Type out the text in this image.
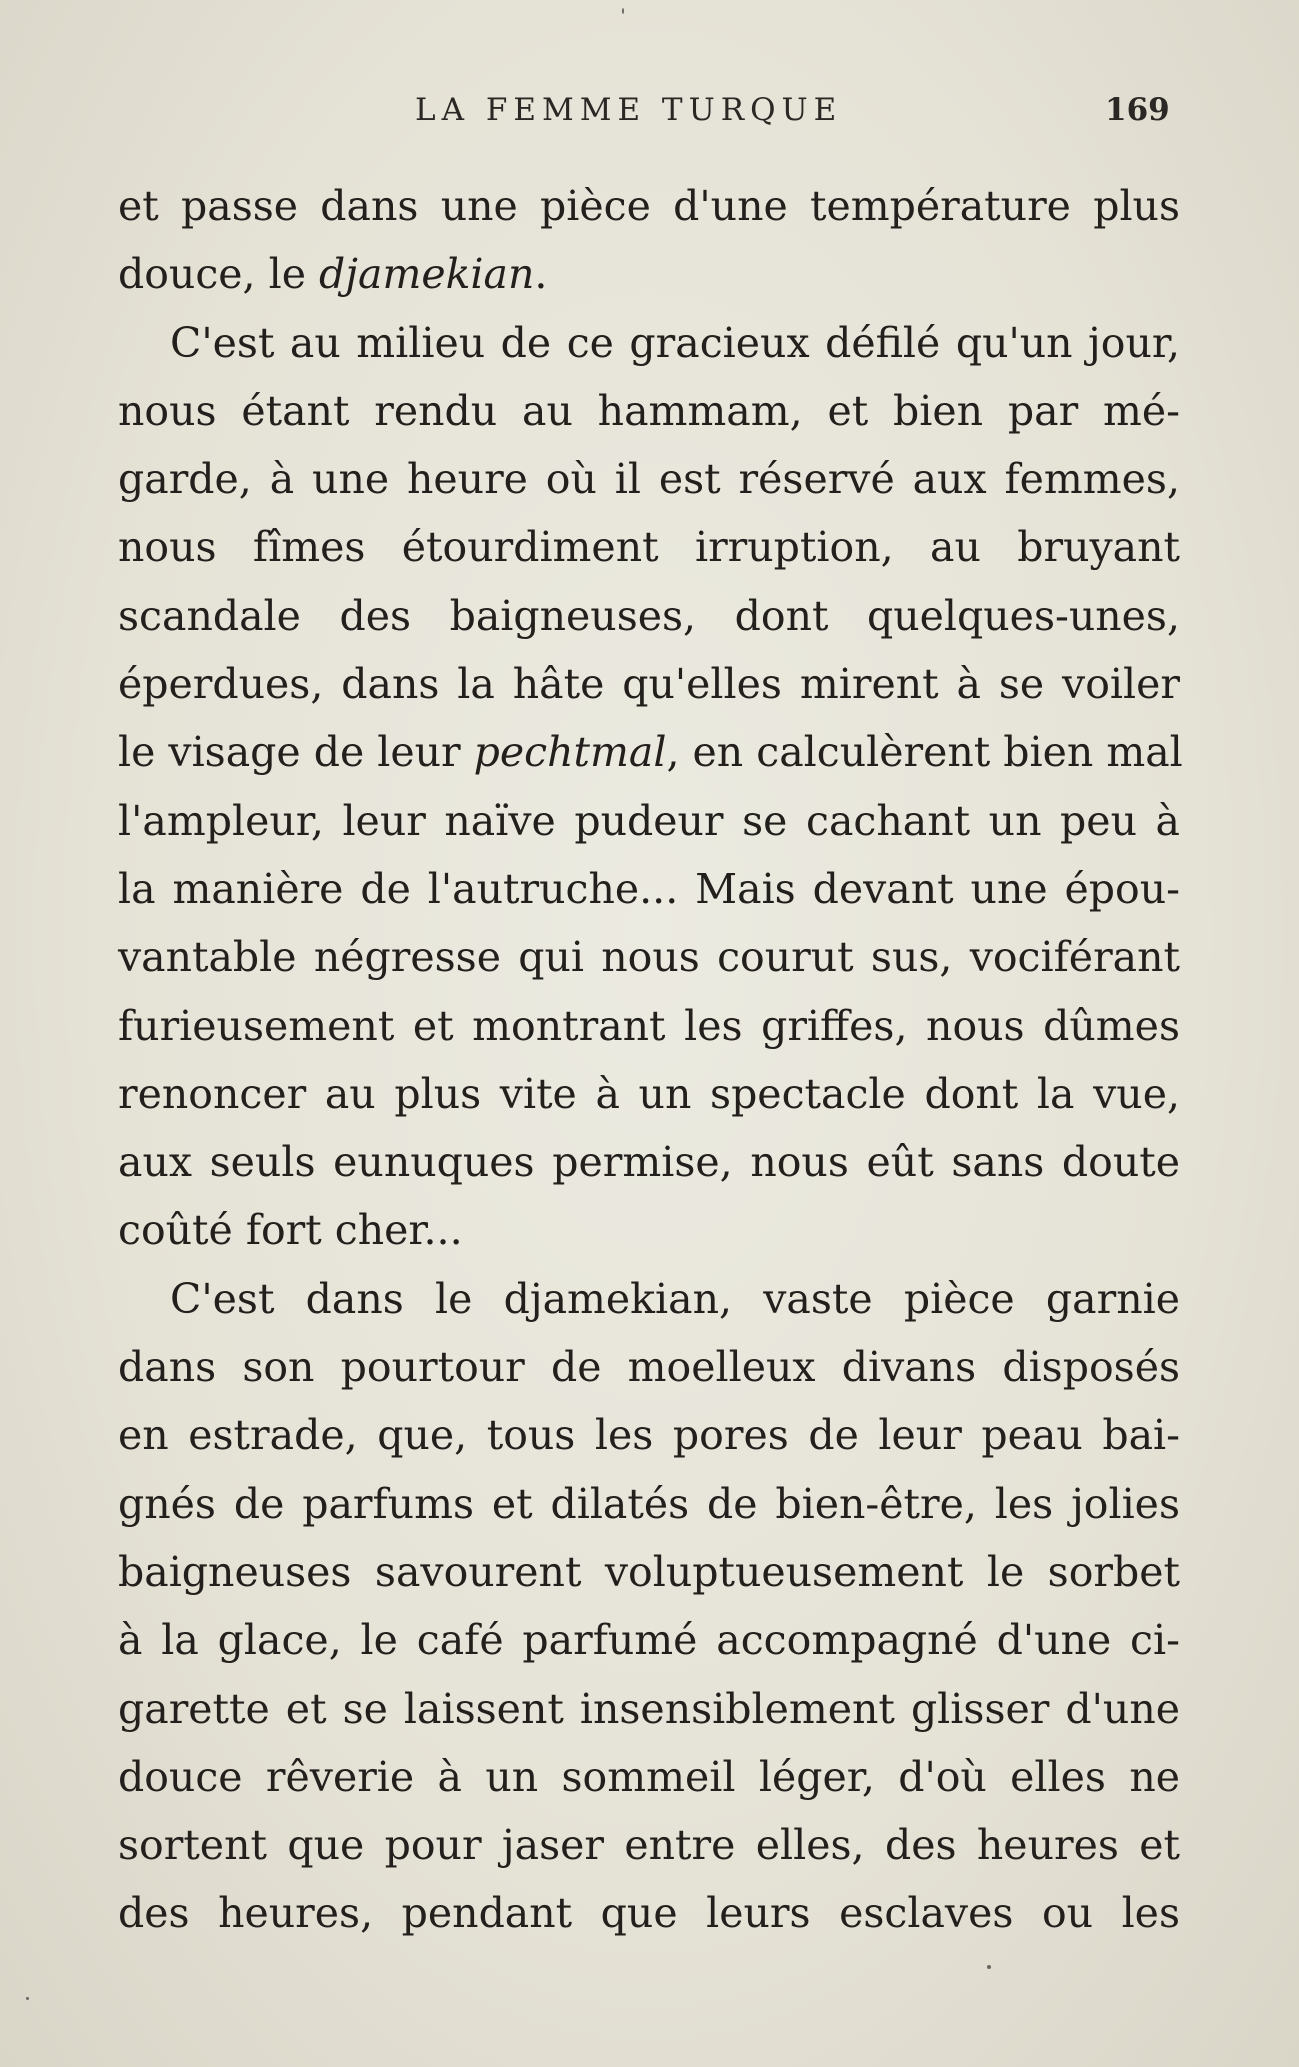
LA FEMME TURQUE	169

et passe dans une pièce d'une température plus
douce, le djamekian.

C'est au milieu de ce gracieux défilé qu'un jour,
nous étant rendu au hammam, et bien par mé-
garde, à une heure où il est réservé aux femmes,
nous fîmes étourdiment irruption, au bruyant
scandale des baigneuses, dont quelques-unes,
éperdues, dans la hâte qu'elles mirent à se voiler
le visage de leur pechtmal, en calculèrent bien mal
l'ampleur, leur naïve pudeur se cachant un peu à
la manière de l'autruche... Mais devant une épou-
vantable négresse qui nous courut sus, vociférant
furieusement et montrant les griffes, nous dûmes
renoncer au plus vite à un spectacle dont la vue,
aux seuls eunuques permise, nous eût sans doute
coûté fort cher...

C'est dans le djamekian, vaste pièce garnie
dans son pourtour de moelleux divans disposés
en estrade, que, tous les pores de leur peau bai-
gnés de parfums et dilatés de bien-être, les jolies
baigneuses savourent voluptueusement le sorbet
à la glace, le café parfumé accompagné d'une ci-
garette et se laissent insensiblement glisser d'une
douce rêverie à un sommeil léger, d'où elles ne
sortent que pour jaser entre elles, des heures et
des heures, pendant que leurs esclaves ou les
